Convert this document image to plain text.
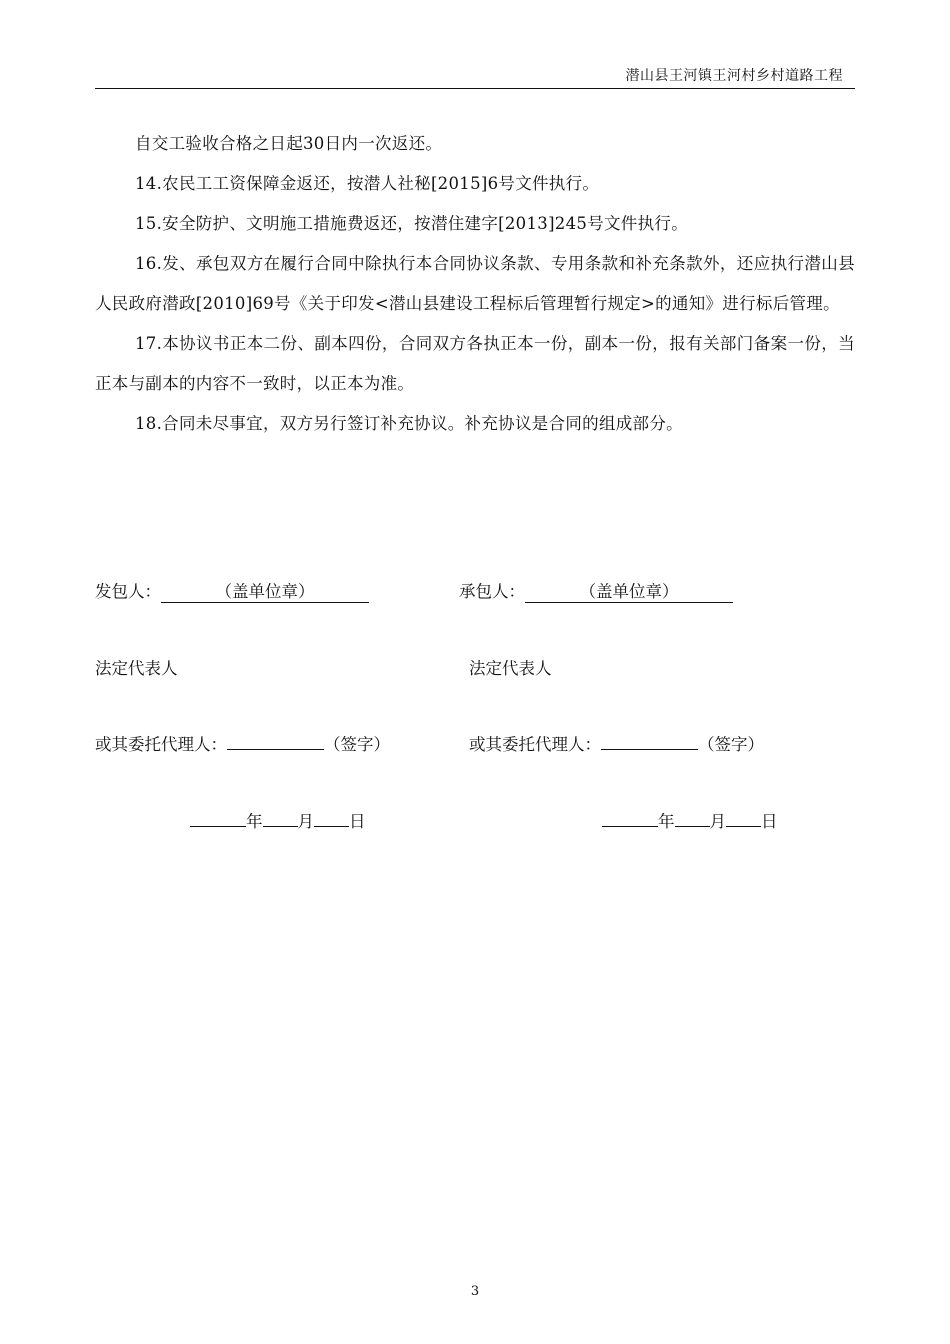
潜山县王河镇王河村乡村道路工程

自交工验收合格之日起30日内一次返还。

14.农民工工资保障金返还，按潜人社秘[2015]6号文件执行。

15.安全防护、文明施工措施费返还，按潜住建字[2013]245号文件执行。

16.发、承包双方在履行合同中除执行本合同协议条款、专用条款和补充条款外，还应执行潜山县人民政府潜政[2010]69号《关于印发<潜山县建设工程标后管理暂行规定>的通知》进行标后管理。

17.本协议书正本二份、副本四份，合同双方各执正本一份，副本一份，报有关部门备案一份，当正本与副本的内容不一致时，以正本为准。

18.合同未尽事宜，双方另行签订补充协议。补充协议是合同的组成部分。

发包人：	（盖单位章）	承包人：	（盖单位章）
法定代表人	法定代表人
或其委托代理人：	（签字）	或其委托代理人：	（签字）
年 月 日	年 月 日
3
